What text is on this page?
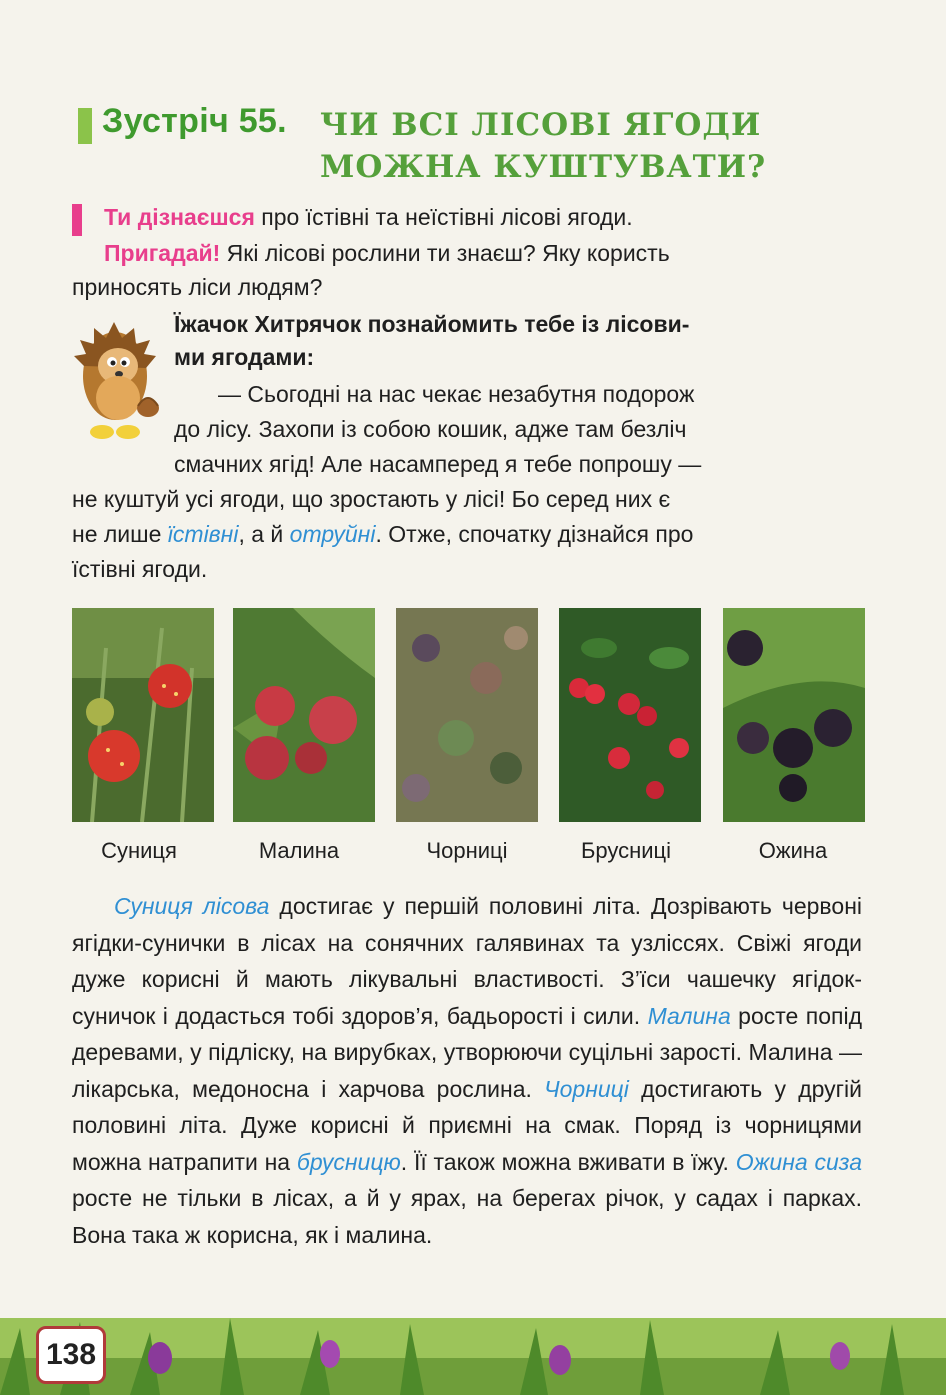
Зустріч 55. ЧИ ВСІ ЛІСОВІ ЯГОДИ
МОЖНА КУШТУВАТИ?
Ти дізнаєшся про їстівні та неїстівні лісові ягоди.
Пригадай! Які лісові рослини ти знаєш? Яку користь
приносять ліси людям?
Їжачок Хитрячок познайомить тебе із лісови-
ми ягодами:
— Сьогодні на нас чекає незабутня подорож
до лісу. Захопи із собою кошик, адже там безліч
смачних ягід! Але насамперед я тебе попрошу —
не куштуй усі ягоди, що зростають у лісі! Бо серед них є
не лише їстівні, а й отруйні. Отже, спочатку дізнайся про
їстівні ягоди.
Суниця	Малина	Чорниці	Брусниці	Ожина
Суниця лісова достигає у першій половині літа. Дозрівають червоні ягідки-сунички в лісах на сонячних галявинах та узліссях. Свіжі ягоди дуже корисні й мають лікувальні властивості. З’їси чашечку ягідок-суничок і додасться тобі здоров’я, бадьорості і сили. Малина росте попід деревами, у підліску, на вирубках, утворюючи суцільні зарості. Малина — лікарська, медоносна і харчова рослина. Чорниці достигають у другій половині літа. Дуже корисні й приємні на смак. Поряд із чорницями можна натрапити на брусницю. Її також можна вживати в їжу. Ожина сиза росте не тільки в лісах, а й у ярах, на берегах річок, у садах і парках. Вона така ж корисна, як і малина.
138
